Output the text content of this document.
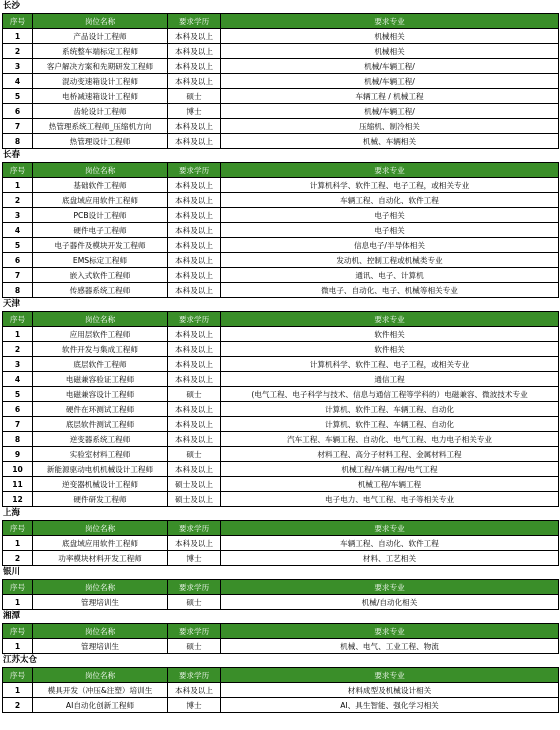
长沙
序号	岗位名称	要求学历	要求专业
1	产品设计工程师	本科及以上	机械相关
2	系统整车端标定工程师	本科及以上	机械相关
3	客户解决方案和先期研发工程师	本科及以上	机械/车辆工程/
4	混动变速箱设计工程师	本科及以上	机械/车辆工程/
5	电桥减速箱设计工程师	硕士	车辆工程 / 机械工程
6	齿轮设计工程师	博士	机械/车辆工程/
7	热管理系统工程师_压缩机方向	本科及以上	压缩机、制冷相关
8	热管理设计工程师	本科及以上	机械、车辆相关
长春
序号	岗位名称	要求学历	要求专业
1	基础软件工程师	本科及以上	计算机科学、软件工程、电子工程，或相关专业
2	底盘域应用软件工程师	本科及以上	车辆工程、自动化、软件工程
3	PCB设计工程师	本科及以上	电子相关
4	硬件电子工程师	本科及以上	电子相关
5	电子器件及模块开发工程师	本科及以上	信息电子/半导体相关
6	EMS标定工程师	本科及以上	发动机、控制工程或机械类专业
7	嵌入式软件工程师	本科及以上	通讯、电子、计算机
8	传感器系统工程师	本科及以上	微电子、自动化、电子、机械等相关专业
天津
序号	岗位名称	要求学历	要求专业
1	应用层软件工程师	本科及以上	软件相关
2	软件开发与集成工程师	本科及以上	软件相关
3	底层软件工程师	本科及以上	计算机科学、软件工程、电子工程，或相关专业
4	电磁兼容验证工程师	本科及以上	通信工程
5	电磁兼容设计工程师	硕士	(电气工程、电子科学与技术、信息与通信工程等学科的）电磁兼容、微波技术专业
6	硬件在环测试工程师	本科及以上	计算机、软件工程、车辆工程、自动化
7	底层软件测试工程师	本科及以上	计算机、软件工程、车辆工程、自动化
8	逆变器系统工程师	本科及以上	汽车工程、车辆工程、自动化、电气工程、电力电子相关专业
9	实验室材料工程师	硕士	材料工程、高分子材料工程、金属材料工程
10	新能源驱动电机机械设计工程师	本科及以上	机械工程/车辆工程/电气工程
11	逆变器机械设计工程师	硕士及以上	机械工程/车辆工程
12	硬件研发工程师	硕士及以上	电子电力、电气工程、电子等相关专业
上海
序号	岗位名称	要求学历	要求专业
1	底盘域应用软件工程师	本科及以上	车辆工程、自动化、软件工程
2	功率模块材料开发工程师	博士	材料、工艺相关
银川
序号	岗位名称	要求学历	要求专业
1	管理培训生	硕士	机械/自动化相关
湘潭
序号	岗位名称	要求学历	要求专业
1	管理培训生	硕士	机械、电气、工业工程、物流
江苏太仓
序号	岗位名称	要求学历	要求专业
1	模具开发（冲压&注塑）培训生	本科及以上	材料成型及机械设计相关
2	AI自动化创新工程师	博士	AI、具生智能、强化学习相关
